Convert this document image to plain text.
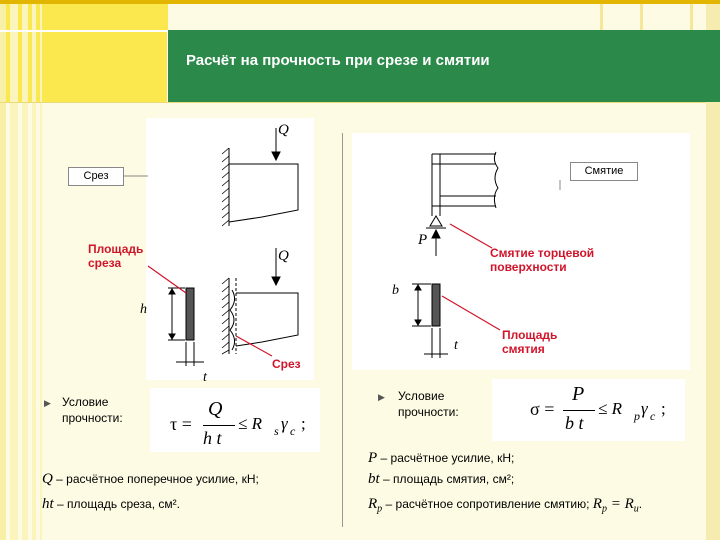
Расчёт на прочность при срезе и смятии
Q
Q
h
t
P
b
t
Срез	Смятие
Площадь
среза
Срез
Смятие торцевой
поверхности
Площадь
смятия
▶ Условие
прочности:
▶ Условие
прочности:
τ =
Q
h t
≤ R s γ c ;
σ =
P
b t
≤ R p γ c ;
P – расчётное усилие, кН;
Q – расчётное поперечное усилие, кН;	bt – площадь смятия, см²;
ht – площадь среза, см².	$R_p$ – расчётное сопротивление смятию; $R_p = R_u$.
